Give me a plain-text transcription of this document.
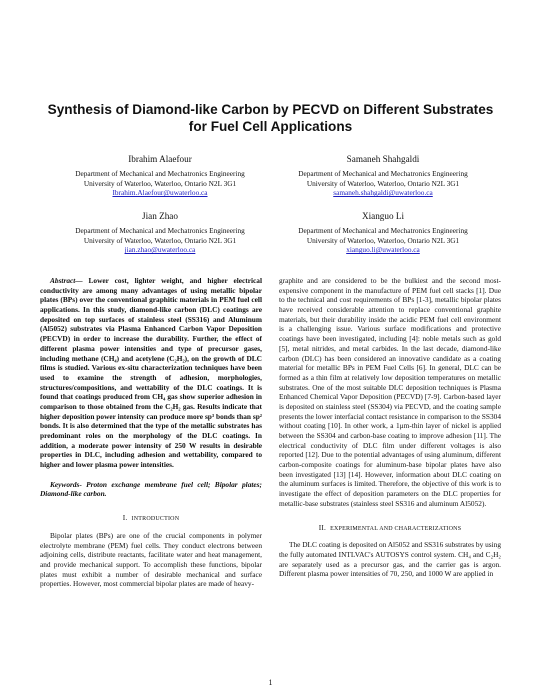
Synthesis of Diamond-like Carbon by PECVD on Different Substrates for Fuel Cell Applications
Ibrahim Alaefour
Department of Mechanical and Mechatronics Engineering
University of Waterloo, Waterloo, Ontario N2L 3G1
Ibrahim.Alaefour@uwaterloo.ca
Samaneh Shahgaldi
Department of Mechanical and Mechatronics Engineering
University of Waterloo, Waterloo, Ontario N2L 3G1
samaneh.shahgaldi@uwaterloo.ca
Jian Zhao
Department of Mechanical and Mechatronics Engineering
University of Waterloo, Waterloo, Ontario N2L 3G1
jian.zhao@uwaterloo.ca
Xianguo Li
Department of Mechanical and Mechatronics Engineering
University of Waterloo, Waterloo, Ontario N2L 3G1
xianguo.li@uwaterloo.ca

Abstract— Lower cost, lighter weight, and higher electrical conductivity are among many advantages of using metallic bipolar plates (BPs) over the conventional graphitic materials in PEM fuel cell applications. In this study, diamond-like carbon (DLC) coatings are deposited on top surfaces of stainless steel (SS316) and Aluminum (Al5052) substrates via Plasma Enhanced Carbon Vapor Deposition (PECVD) in order to increase the durability. Further, the effect of different plasma power intensities and type of precursor gases, including methane (CH₄) and acetylene (C₂H₂), on the growth of DLC films is studied. Various ex-situ characterization techniques have been used to examine the strength of adhesion, morphologies, structures/compositions, and wettability of the DLC coatings. It is found that coatings produced from CH₄ gas show superior adhesion in comparison to those obtained from the C₂H₂ gas. Results indicate that higher deposition power intensity can produce more sp³ bonds than sp² bonds. It is also determined that the type of the metallic substrates has predominant roles on the morphology of the DLC coatings. In addition, a moderate power intensity of 250 W results in desirable properties in DLC, including adhesion and wettability, compared to higher and lower plasma power intensities.

Keywords- Proton exchange membrane fuel cell; Bipolar plates; Diamond-like carbon.

I. INTRODUCTION

Bipolar plates (BPs) are one of the crucial components in polymer electrolyte membrane (PEM) fuel cells. They conduct electrons between adjoining cells, distribute reactants, facilitate water and heat management, and provide mechanical support. To accomplish these functions, bipolar plates must exhibit a number of desirable mechanical and surface properties. However, most commercial bipolar plates are made of heavy-

graphite and are considered to be the bulkiest and the second most-expensive component in the manufacture of PEM fuel cell stacks [1]. Due to the technical and cost requirements of BPs [1-3], metallic bipolar plates have received considerable attention to replace conventional graphite materials, but their durability inside the acidic PEM fuel cell environment is a challenging issue. Various surface modifications and protective coatings have been investigated, including [4]: noble metals such as gold [5], metal nitrides, and metal carbides. In the last decade, diamond-like carbon (DLC) has been considered an innovative candidate as a coating material for metallic BPs in PEM Fuel Cells [6]. In general, DLC can be formed as a thin film at relatively low deposition temperatures on metallic substrates. One of the most suitable DLC deposition techniques is Plasma Enhanced Chemical Vapor Deposition (PECVD) [7-9]. Carbon-based layer is deposited on stainless steel (SS304) via PECVD, and the coating sample presents the lower interfacial contact resistance in comparison to the SS304 without coating [10]. In other work, a 1μm-thin layer of nickel is applied between the SS304 and carbon-base coating to improve adhesion [11]. The electrical conductivity of DLC film under different voltages is also reported [12]. Due to the potential advantages of using aluminum, different carbon-composite coatings for aluminum-base bipolar plates have also been investigated [13] [14]. However, information about DLC coating on the aluminum surfaces is limited. Therefore, the objective of this work is to investigate the effect of deposition parameters on the DLC properties for metallic-base substrates (stainless steel SS316 and aluminum Al5052).

II. EXPERIMENTAL AND CHARACTERIZATIONS

The DLC coating is deposited on Al5052 and SS316 substrates by using the fully automated INTLVAC's AUTOSYS control system. CH₄ and C₂H₂ are separately used as a precursor gas, and the carrier gas is argon. Different plasma power intensities of 70, 250, and 1000 W are applied in

1
